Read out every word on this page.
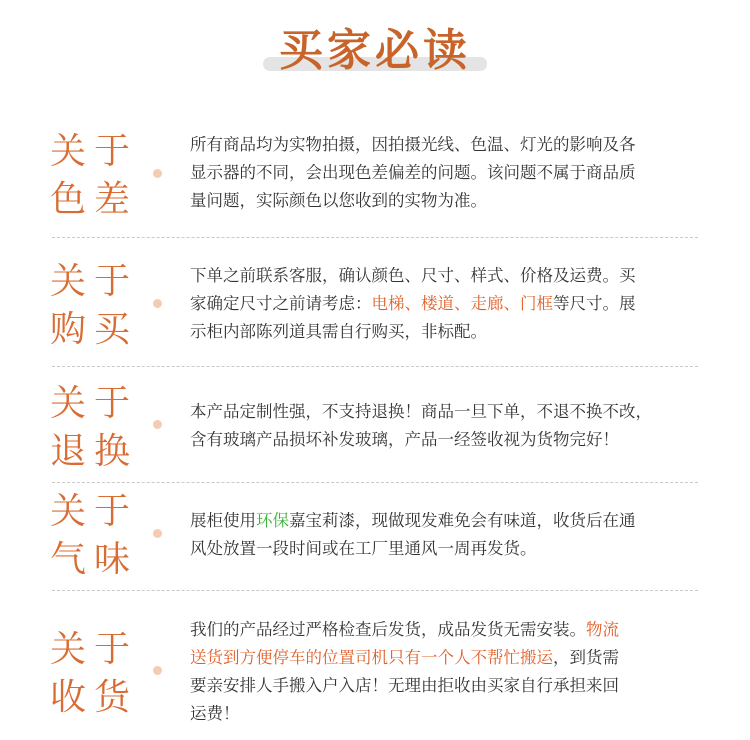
买家必读
关于
色差
所有商品均为实物拍摄，因拍摄光线、色温、灯光的影响及各
显示器的不同，会出现色差偏差的问题。该问题不属于商品质
量问题，实际颜色以您收到的实物为准。
关于
购买
下单之前联系客服，确认颜色、尺寸、样式、价格及运费。买
家确定尺寸之前请考虑：电梯、楼道、走廊、门框等尺寸。展
示柜内部陈列道具需自行购买，非标配。
关于
退换
本产品定制性强，不支持退换！商品一旦下单，不退不换不改，
含有玻璃产品损坏补发玻璃，产品一经签收视为货物完好！
关于
气味
展柜使用环保嘉宝莉漆，现做现发难免会有味道，收货后在通
风处放置一段时间或在工厂里通风一周再发货。
关于
收货
我们的产品经过严格检查后发货，成品发货无需安装。物流
送货到方便停车的位置司机只有一个人不帮忙搬运，到货需
要亲安排人手搬入户入店！无理由拒收由买家自行承担来回
运费！
